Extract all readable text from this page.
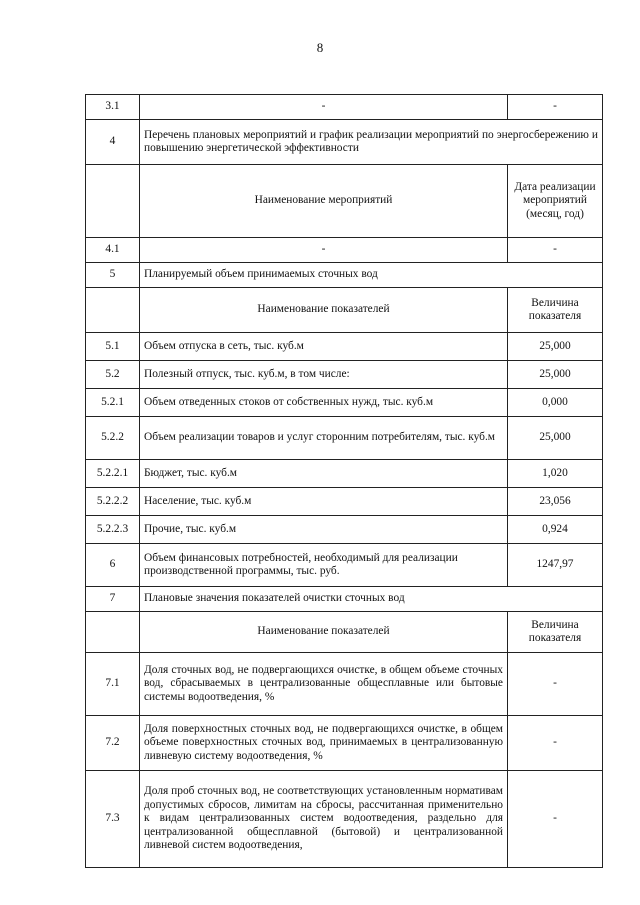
8
3.1	-	-
4	Перечень плановых мероприятий и график реализации мероприятий по энергосбережению и повышению энергетической эффективности	
	Наименование мероприятий	Дата реализации мероприятий (месяц, год)
4.1	-	-
5	Планируемый объем принимаемых сточных вод	
	Наименование показателей	Величина показателя
5.1	Объем отпуска в сеть, тыс. куб.м	25,000
5.2	Полезный отпуск, тыс. куб.м, в том числе:	25,000
5.2.1	Объем отведенных стоков от собственных нужд, тыс. куб.м	0,000
5.2.2	Объем реализации товаров и услуг сторонним потребителям, тыс. куб.м	25,000
5.2.2.1	Бюджет, тыс. куб.м	1,020
5.2.2.2	Население, тыс. куб.м	23,056
5.2.2.3	Прочие, тыс. куб.м	0,924
6	Объем финансовых потребностей, необходимый для реализации производственной программы, тыс. руб.	1247,97
7	Плановые значения показателей очистки сточных вод	
	Наименование показателей	Величина показателя
7.1	Доля сточных вод, не подвергающихся очистке, в общем объеме сточных вод, сбрасываемых в централизованные общесплавные или бытовые системы водоотведения, %	-
7.2	Доля поверхностных сточных вод, не подвергающихся очистке, в общем объеме поверхностных сточных вод, принимаемых в централизованную ливневую систему водоотведения, %	-
7.3	Доля проб сточных вод, не соответствующих установленным нормативам допустимых сбросов, лимитам на сбросы, рассчитанная применительно к видам централизованных систем водоотведения, раздельно для централизованной общесплавной (бытовой) и централизованной ливневой систем водоотведения,	-
